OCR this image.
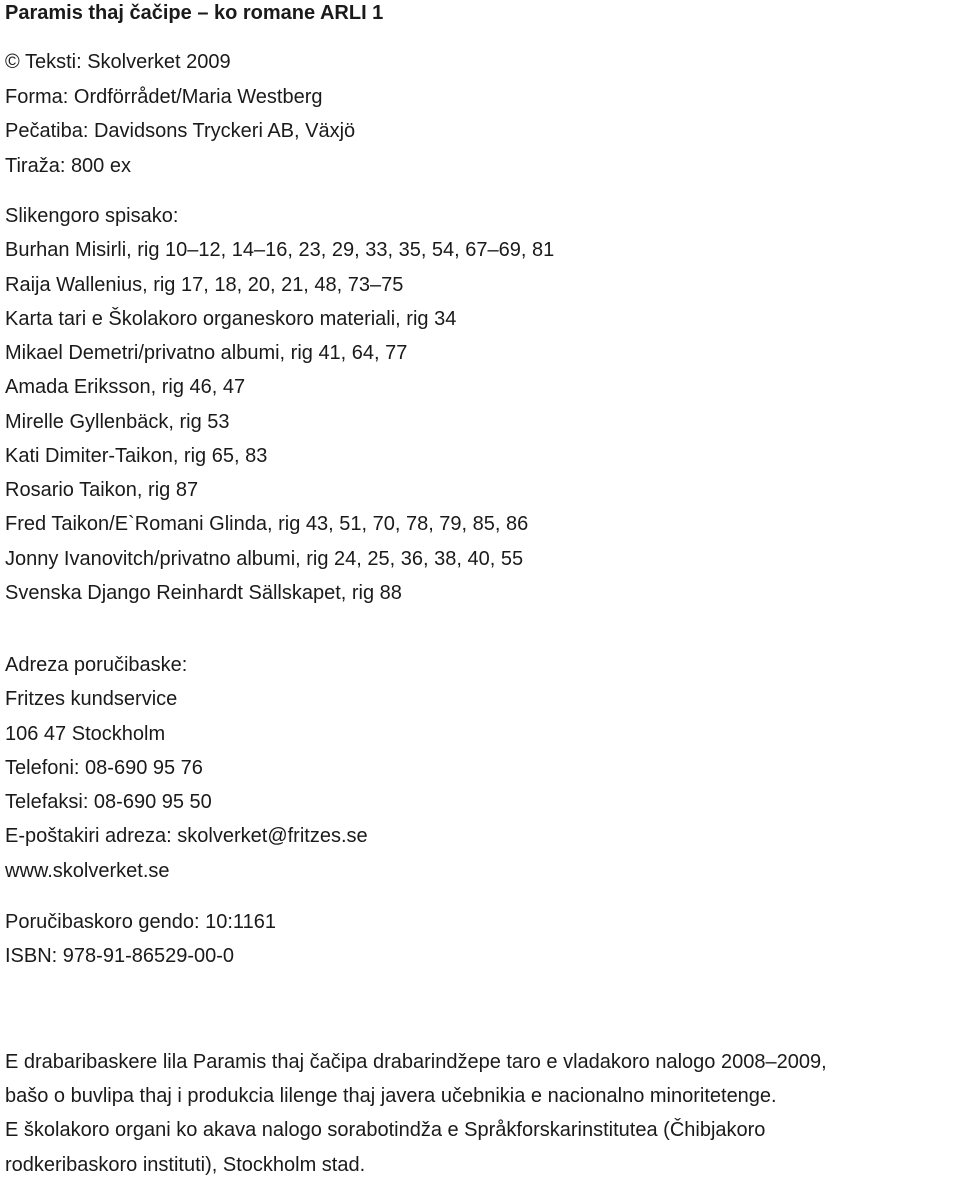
Paramis thaj čačipe – ko romane ARLI 1
© Teksti: Skolverket 2009
Forma: Ordförrådet/Maria Westberg
Pečatiba: Davidsons Tryckeri AB, Växjö
Tiraža: 800 ex
Slikengoro spisako:
Burhan Misirli, rig 10–12, 14–16, 23, 29, 33, 35, 54, 67–69, 81
Raija Wallenius, rig 17, 18, 20, 21, 48, 73–75
Karta tari e Školakoro organeskoro materiali, rig 34
Mikael Demetri/privatno albumi, rig 41, 64, 77
Amada Eriksson, rig 46, 47
Mirelle Gyllenbäck, rig 53
Kati Dimiter-Taikon, rig 65, 83
Rosario Taikon, rig 87
Fred Taikon/E`Romani Glinda, rig 43, 51, 70, 78, 79, 85, 86
Jonny Ivanovitch/privatno albumi, rig 24, 25, 36, 38, 40, 55
Svenska Django Reinhardt Sällskapet, rig 88
Adreza poručibaske:
Fritzes kundservice
106 47 Stockholm
Telefoni: 08-690 95 76
Telefaksi: 08-690 95 50
E-poštakiri adreza: skolverket@fritzes.se
www.skolverket.se
Poručibaskoro gendo: 10:1161
ISBN: 978-91-86529-00-0
E drabaribaskere lila Paramis thaj čačipa drabarindžepe taro e vladakoro nalogo 2008–2009,
bašo o buvlipa thaj i produkcia lilenge thaj javera učebnikia e nacionalno minoritetenge.
E školakoro organi ko akava nalogo sorabotindža e Språkforskarinstitutea (Čhibjakoro
rodkeribaskoro instituti), Stockholm stad.
